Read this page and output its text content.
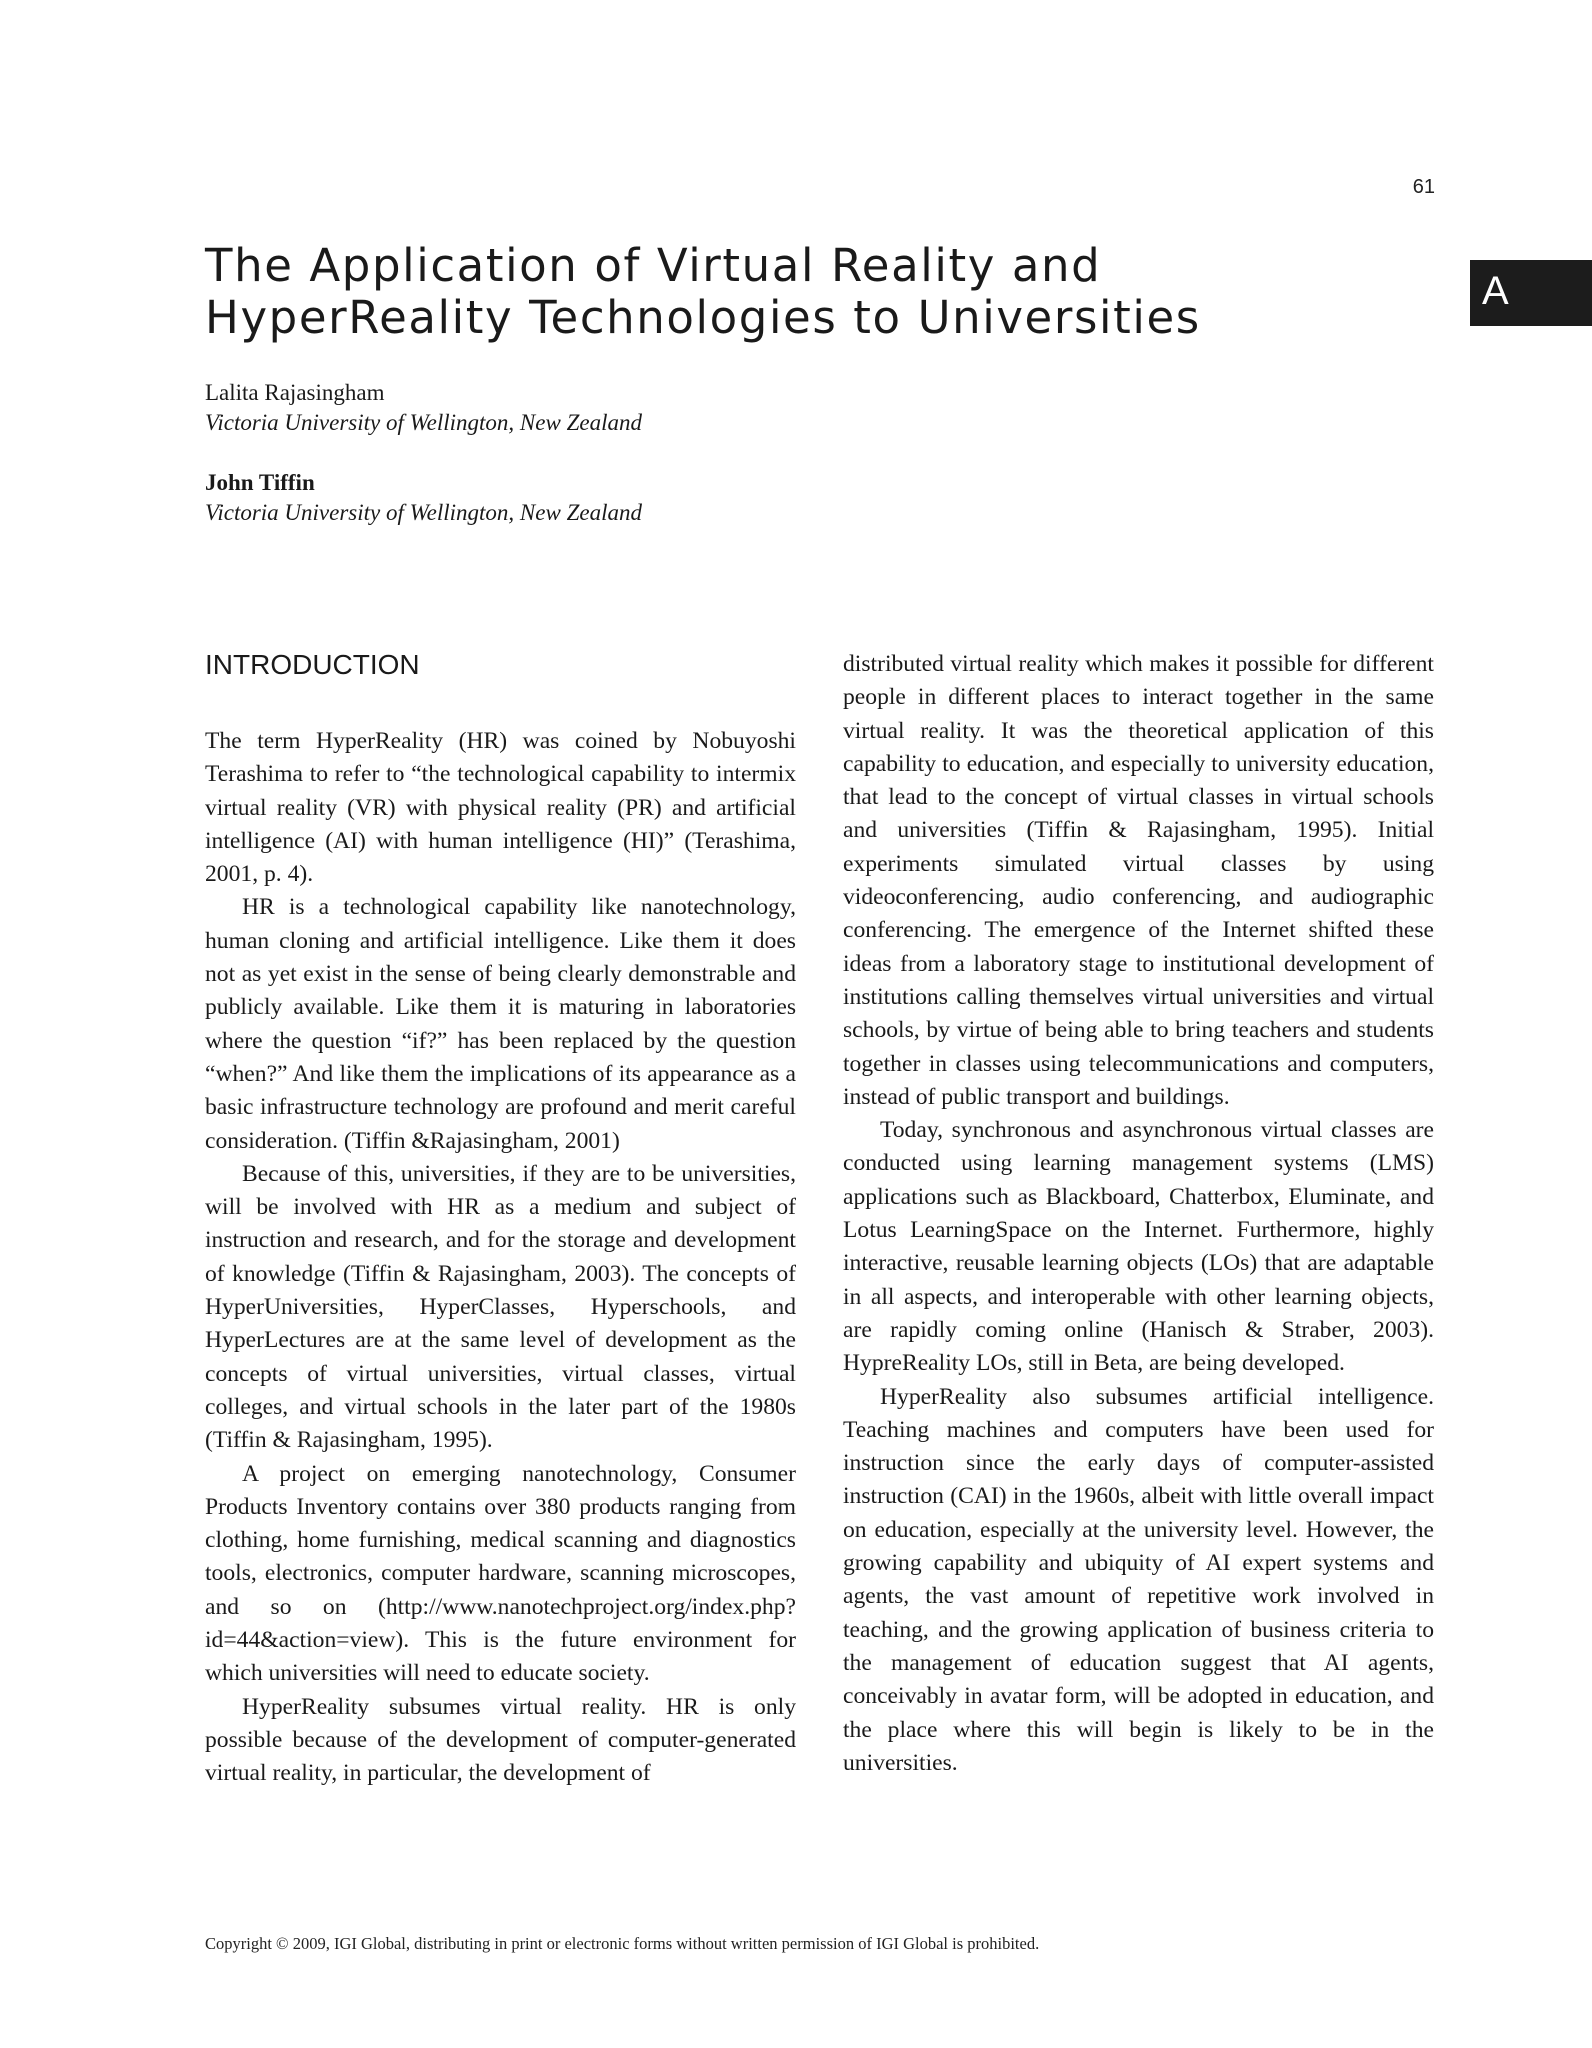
61
A
The Application of Virtual Reality and
HyperReality Technologies to Universities
Lalita Rajasingham
Victoria University of Wellington, New Zealand
John Tiffin
Victoria University of Wellington, New Zealand
INTRODUCTION

The term HyperReality (HR) was coined by Nobuyoshi Terashima to refer to “the technological capability to intermix virtual reality (VR) with physical reality (PR) and artificial intelligence (AI) with human intelligence (HI)” (Terashima, 2001, p. 4).

HR is a technological capability like nanotechnology, human cloning and artificial intelligence. Like them it does not as yet exist in the sense of being clearly demonstrable and publicly available. Like them it is maturing in laboratories where the question “if?” has been replaced by the question “when?” And like them the implications of its appearance as a basic infrastructure technology are profound and merit careful consideration. (Tiffin &Rajasingham, 2001)

Because of this, universities, if they are to be universities, will be involved with HR as a medium and subject of instruction and research, and for the storage and development of knowledge (Tiffin & Rajasingham, 2003). The concepts of HyperUniversities, HyperClasses, Hyperschools, and HyperLectures are at the same level of development as the concepts of virtual universities, virtual classes, virtual colleges, and virtual schools in the later part of the 1980s (Tiffin & Rajasingham, 1995).

A project on emerging nanotechnology, Consumer Products Inventory contains over 380 products ranging from clothing, home furnishing, medical scanning and diagnostics tools, electronics, computer hardware, scanning microscopes, and so on (http://www.nanotechproject.org/index.php?id=44&action=view). This is the future environment for which universities will need to educate society.

HyperReality subsumes virtual reality. HR is only possible because of the development of computer-generated virtual reality, in particular, the development of

distributed virtual reality which makes it possible for different people in different places to interact together in the same virtual reality. It was the theoretical application of this capability to education, and especially to university education, that lead to the concept of virtual classes in virtual schools and universities (Tiffin & Rajasingham, 1995). Initial experiments simulated virtual classes by using videoconferencing, audio conferencing, and audiographic conferencing. The emergence of the Internet shifted these ideas from a laboratory stage to institutional development of institutions calling themselves virtual universities and virtual schools, by virtue of being able to bring teachers and students together in classes using telecommunications and computers, instead of public transport and buildings.

Today, synchronous and asynchronous virtual classes are conducted using learning management systems (LMS) applications such as Blackboard, Chatterbox, Eluminate, and Lotus LearningSpace on the Internet. Furthermore, highly interactive, reusable learning objects (LOs) that are adaptable in all aspects, and interoperable with other learning objects, are rapidly coming online (Hanisch & Straber, 2003). HypreReality LOs, still in Beta, are being developed.

HyperReality also subsumes artificial intelligence. Teaching machines and computers have been used for instruction since the early days of computer-assisted instruction (CAI) in the 1960s, albeit with little overall impact on education, especially at the university level. However, the growing capability and ubiquity of AI expert systems and agents, the vast amount of repetitive work involved in teaching, and the growing application of business criteria to the management of education suggest that AI agents, conceivably in avatar form, will be adopted in education, and the place where this will begin is likely to be in the universities.

Copyright © 2009, IGI Global, distributing in print or electronic forms without written permission of IGI Global is prohibited.
